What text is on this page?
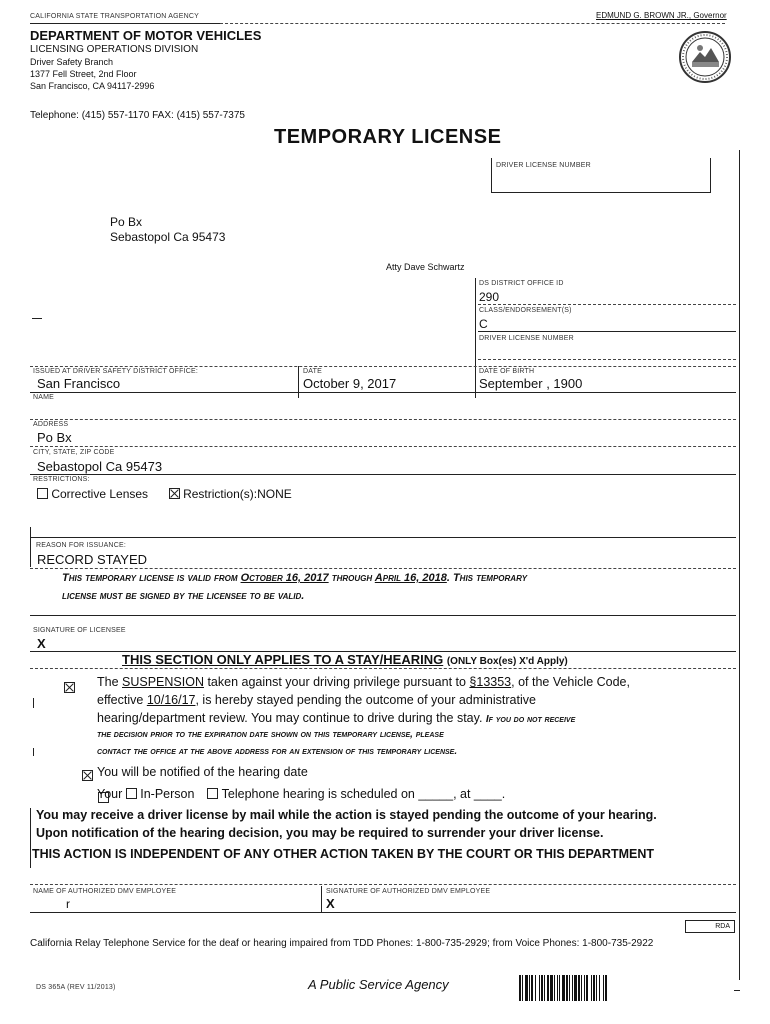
CALIFORNIA STATE TRANSPORTATION AGENCY	EDMUND G. BROWN JR., Governor
DEPARTMENT OF MOTOR VEHICLES
LICENSING OPERATIONS DIVISION
Driver Safety Branch
1377 Fell Street, 2nd Floor
San Francisco, CA 94117-2996
Telephone: (415) 557-1170 FAX: (415) 557-7375
TEMPORARY LICENSE
DRIVER LICENSE NUMBER
Po Bx
Sebastopol Ca 95473
Atty Dave Schwartz
DS DISTRICT OFFICE ID
290
CLASS/ENDORSEMENT(S)
C
DRIVER LICENSE NUMBER
ISSUED AT DRIVER SAFETY DISTRICT OFFICE:
San Francisco
DATE
October 9, 2017
DATE OF BIRTH
September , 1900
NAME
ADDRESS
Po Bx
CITY, STATE, ZIP CODE
Sebastopol Ca 95473
RESTRICTIONS:
Corrective Lenses	Restriction(s):NONE
REASON FOR ISSUANCE:
RECORD STAYED
This temporary license is valid from October 16, 2017 through April 16, 2018. This temporary
license must be signed by the licensee to be valid.
SIGNATURE OF LICENSEE
X
THIS SECTION ONLY APPLIES TO A STAY/HEARING (ONLY Box(es) X'd Apply)

The SUSPENSION taken against your driving privilege pursuant to §13353, of the Vehicle Code,
effective 10/16/17, is hereby stayed pending the outcome of your administrative
hearing/department review. You may continue to drive during the stay. If you do not receive
the decision prior to the expiration date shown on this temporary license, please
contact the office at the above address for an extension of this temporary license.

You will be notified of the hearing date
Your In-Person Telephone hearing is scheduled on _____, at ____.
You may receive a driver license by mail while the action is stayed pending the outcome of your hearing.
Upon notification of the hearing decision, you may be required to surrender your driver license.
THIS ACTION IS INDEPENDENT OF ANY OTHER ACTION TAKEN BY THE COURT OR THIS DEPARTMENT
NAME OF AUTHORIZED DMV EMPLOYEE
r
SIGNATURE OF AUTHORIZED DMV EMPLOYEE
X
RDA
California Relay Telephone Service for the deaf or hearing impaired from TDD Phones: 1-800-735-2929; from Voice Phones: 1-800-735-2922
DS 365A (REV 11/2013)	A Public Service Agency
